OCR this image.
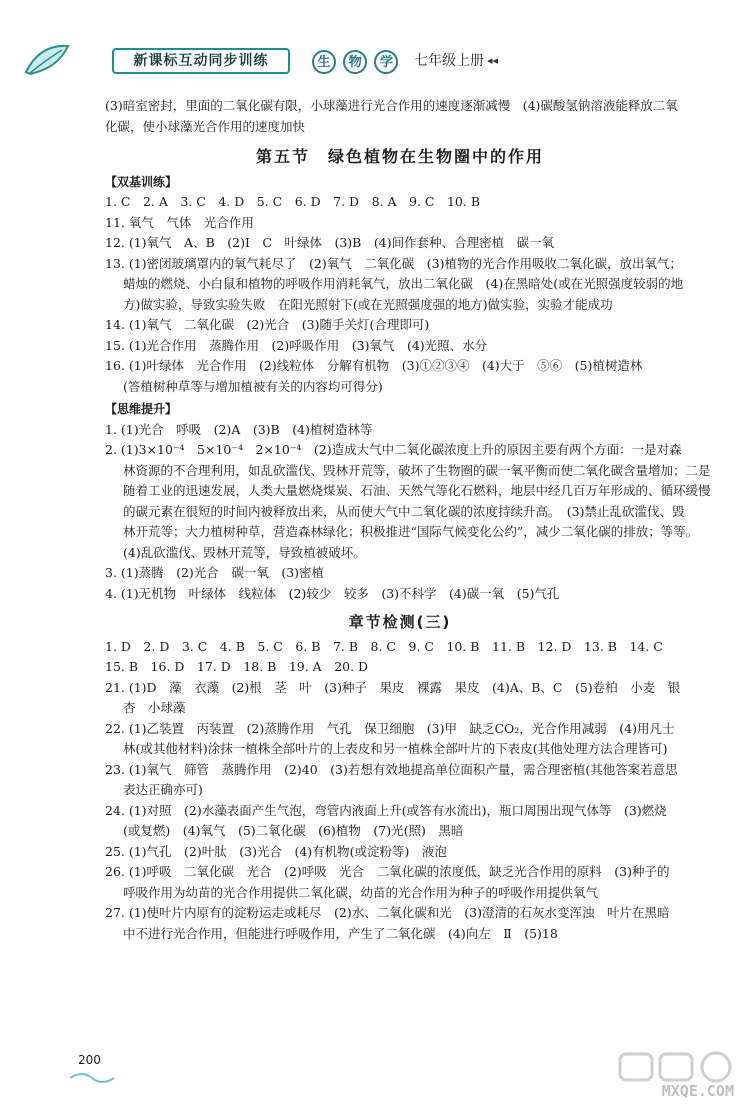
新课标互动同步训练	生 物 学	七年级上册 ◂◂
(3)暗室密封，里面的二氧化碳有限，小球藻进行光合作用的速度逐渐减慢　(4)碳酸氢钠溶液能释放二氧
化碳，使小球藻光合作用的速度加快
第五节　绿色植物在生物圈中的作用
【双基训练】
1. C　2. A　3. C　4. D　5. C　6. D　7. D　8. A　9. C　10. B
11. 氧气　气体　光合作用
12. (1)氧气　A、B　(2)Ⅰ　C　叶绿体　(3)B　(4)间作套种、合理密植　碳一氧
13. (1)密闭玻璃罩内的氧气耗尽了　(2)氧气　二氧化碳　(3)植物的光合作用吸收二氧化碳，放出氧气；
蜡烛的燃烧、小白鼠和植物的呼吸作用消耗氧气，放出二氧化碳　(4)在黑暗处(或在光照强度较弱的地
方)做实验，导致实验失败　在阳光照射下(或在光照强度强的地方)做实验，实验才能成功
14. (1)氧气　二氧化碳　(2)光合　(3)随手关灯(合理即可)
15. (1)光合作用　蒸腾作用　(2)呼吸作用　(3)氧气　(4)光照、水分
16. (1)叶绿体　光合作用　(2)线粒体　分解有机物　(3)①②③④　(4)大于　⑤⑥　(5)植树造林
(答植树种草等与增加植被有关的内容均可得分)
【思维提升】
1. (1)光合　呼吸　(2)A　(3)B　(4)植树造林等
2. (1)3×10⁻⁴　5×10⁻⁴　2×10⁻⁴　(2)造成大气中二氧化碳浓度上升的原因主要有两个方面：一是对森
林资源的不合理利用，如乱砍滥伐、毁林开荒等，破坏了生物圈的碳一氧平衡而使二氧化碳含量增加；二是
随着工业的迅速发展，人类大量燃烧煤炭、石油、天然气等化石燃料，地层中经几百万年形成的、循环缓慢
的碳元素在很短的时间内被释放出来，从而使大气中二氧化碳的浓度持续升高。　(3)禁止乱砍滥伐、毁
林开荒等；大力植树种草，营造森林绿化；积极推进“国际气候变化公约”，减少二氧化碳的排放；等等。
(4)乱砍滥伐、毁林开荒等，导致植被破坏。
3. (1)蒸腾　(2)光合　碳一氧　(3)密植
4. (1)无机物　叶绿体　线粒体　(2)较少　较多　(3)不科学　(4)碳一氧　(5)气孔
章节检测(三)
1. D　2. D　3. C　4. B　5. C　6. B　7. B　8. C　9. C　10. B　11. B　12. D　13. B　14. C
15. B　16. D　17. D　18. B　19. A　20. D
21. (1)D　藻　衣藻　(2)根　茎　叶　(3)种子　果皮　裸露　果皮　(4)A、B、C　(5)卷柏　小麦　银
杏　小球藻
22. (1)乙装置　丙装置　(2)蒸腾作用　气孔　保卫细胞　(3)甲　缺乏CO₂，光合作用减弱　(4)用凡士
林(或其他材料)涂抹一植株全部叶片的上表皮和另一植株全部叶片的下表皮(其他处理方法合理皆可)
23. (1)氧气　筛管　蒸腾作用　(2)40　(3)若想有效地提高单位面积产量，需合理密植(其他答案若意思
表达正确亦可)
24. (1)对照　(2)水藻表面产生气泡，弯管内液面上升(或答有水流出)，瓶口周围出现气体等　(3)燃烧
(或复燃)　(4)氧气　(5)二氧化碳　(6)植物　(7)光(照)　黑暗
25. (1)气孔　(2)叶肽　(3)光合　(4)有机物(或淀粉等)　液泡
26. (1)呼吸　二氧化碳　光合　(2)呼吸　光合　二氧化碳的浓度低，缺乏光合作用的原料　(3)种子的
呼吸作用为幼苗的光合作用提供二氧化碳，幼苗的光合作用为种子的呼吸作用提供氧气
27. (1)使叶片内原有的淀粉运走或耗尽　(2)水、二氧化碳和光　(3)澄清的石灰水变浑浊　叶片在黑暗
中不进行光合作用，但能进行呼吸作用，产生了二氧化碳　(4)向左　Ⅱ　(5)18
200
MXQE.COM
